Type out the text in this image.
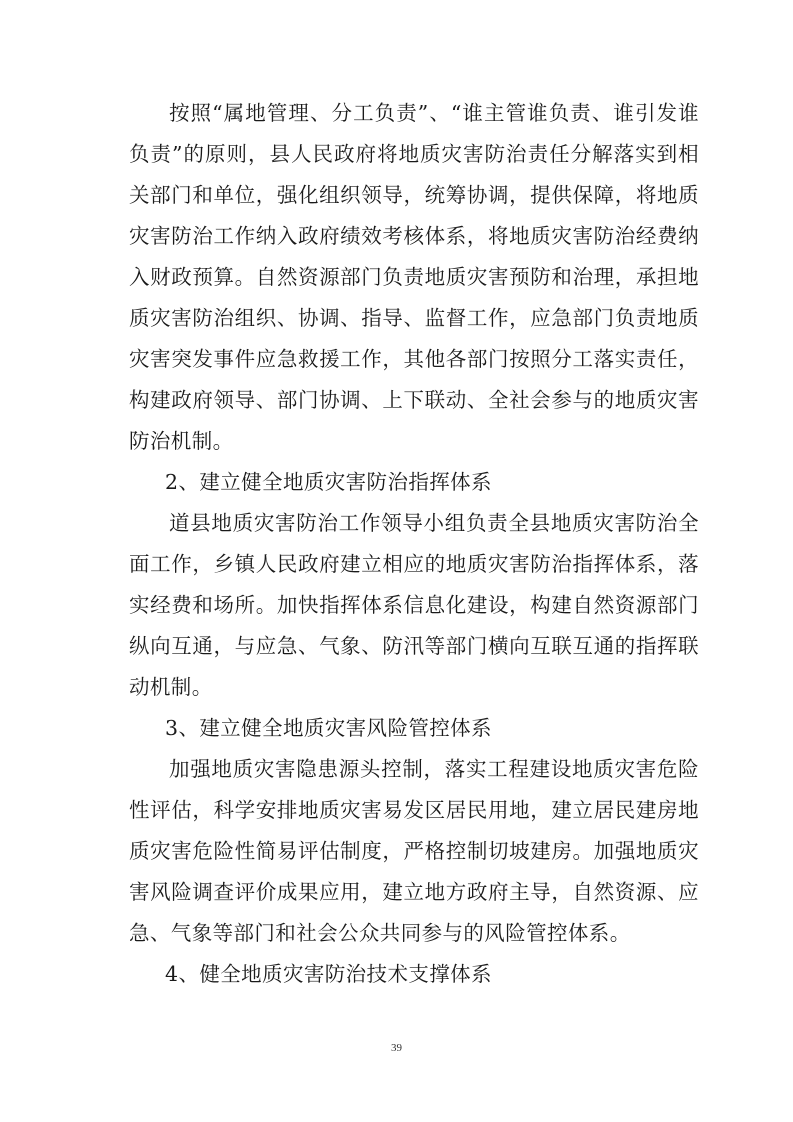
按照“属地管理、分工负责”、“谁主管谁负责、谁引发谁
负责”的原则，县人民政府将地质灾害防治责任分解落实到相
关部门和单位，强化组织领导，统筹协调，提供保障，将地质
灾害防治工作纳入政府绩效考核体系，将地质灾害防治经费纳
入财政预算。自然资源部门负责地质灾害预防和治理，承担地
质灾害防治组织、协调、指导、监督工作，应急部门负责地质
灾害突发事件应急救援工作，其他各部门按照分工落实责任，
构建政府领导、部门协调、上下联动、全社会参与的地质灾害
防治机制。
2、建立健全地质灾害防治指挥体系
道县地质灾害防治工作领导小组负责全县地质灾害防治全
面工作，乡镇人民政府建立相应的地质灾害防治指挥体系，落
实经费和场所。加快指挥体系信息化建设，构建自然资源部门
纵向互通，与应急、气象、防汛等部门横向互联互通的指挥联
动机制。
3、建立健全地质灾害风险管控体系
加强地质灾害隐患源头控制，落实工程建设地质灾害危险
性评估，科学安排地质灾害易发区居民用地，建立居民建房地
质灾害危险性简易评估制度，严格控制切坡建房。加强地质灾
害风险调查评价成果应用，建立地方政府主导，自然资源、应
急、气象等部门和社会公众共同参与的风险管控体系。
4、健全地质灾害防治技术支撑体系
39
